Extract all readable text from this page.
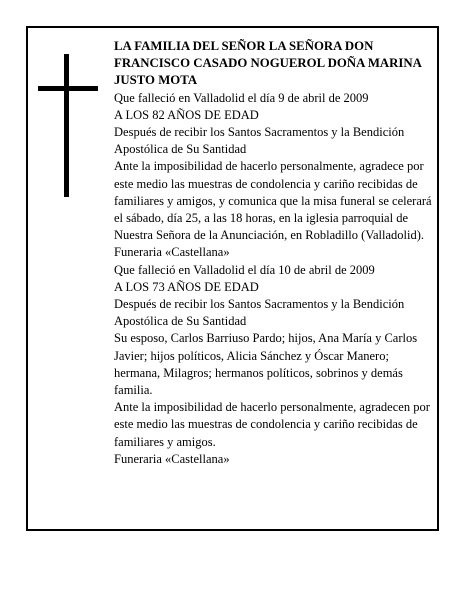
LA FAMILIA DEL SEÑOR LA SEÑORA DON FRANCISCO CASADO NOGUEROL DOÑA MARINA JUSTO MOTA

Que falleció en Valladolid el día 9 de abril de 2009

A LOS 82 AÑOS DE EDAD

Después de recibir los Santos Sacramentos y la Bendición Apostólica de Su Santidad

Ante la imposibilidad de hacerlo personalmente, agradece por este medio las muestras de condolencia y cariño recibidas de familiares y amigos, y comunica que la misa funeral se celerará el sábado, día 25, a las 18 horas, en la iglesia parroquial de Nuestra Señora de la Anunciación, en Robladillo (Valladolid).

Funeraria «Castellana»

Que falleció en Valladolid el día 10 de abril de 2009

A LOS 73 AÑOS DE EDAD

Después de recibir los Santos Sacramentos y la Bendición Apostólica de Su Santidad

Su esposo, Carlos Barriuso Pardo; hijos, Ana María y Carlos Javier; hijos políticos, Alicia Sánchez y Óscar Manero; hermana, Milagros; hermanos políticos, sobrinos y demás familia.

Ante la imposibilidad de hacerlo personalmente, agradecen por este medio las muestras de condolencia y cariño recibidas de familiares y amigos.

Funeraria «Castellana»
